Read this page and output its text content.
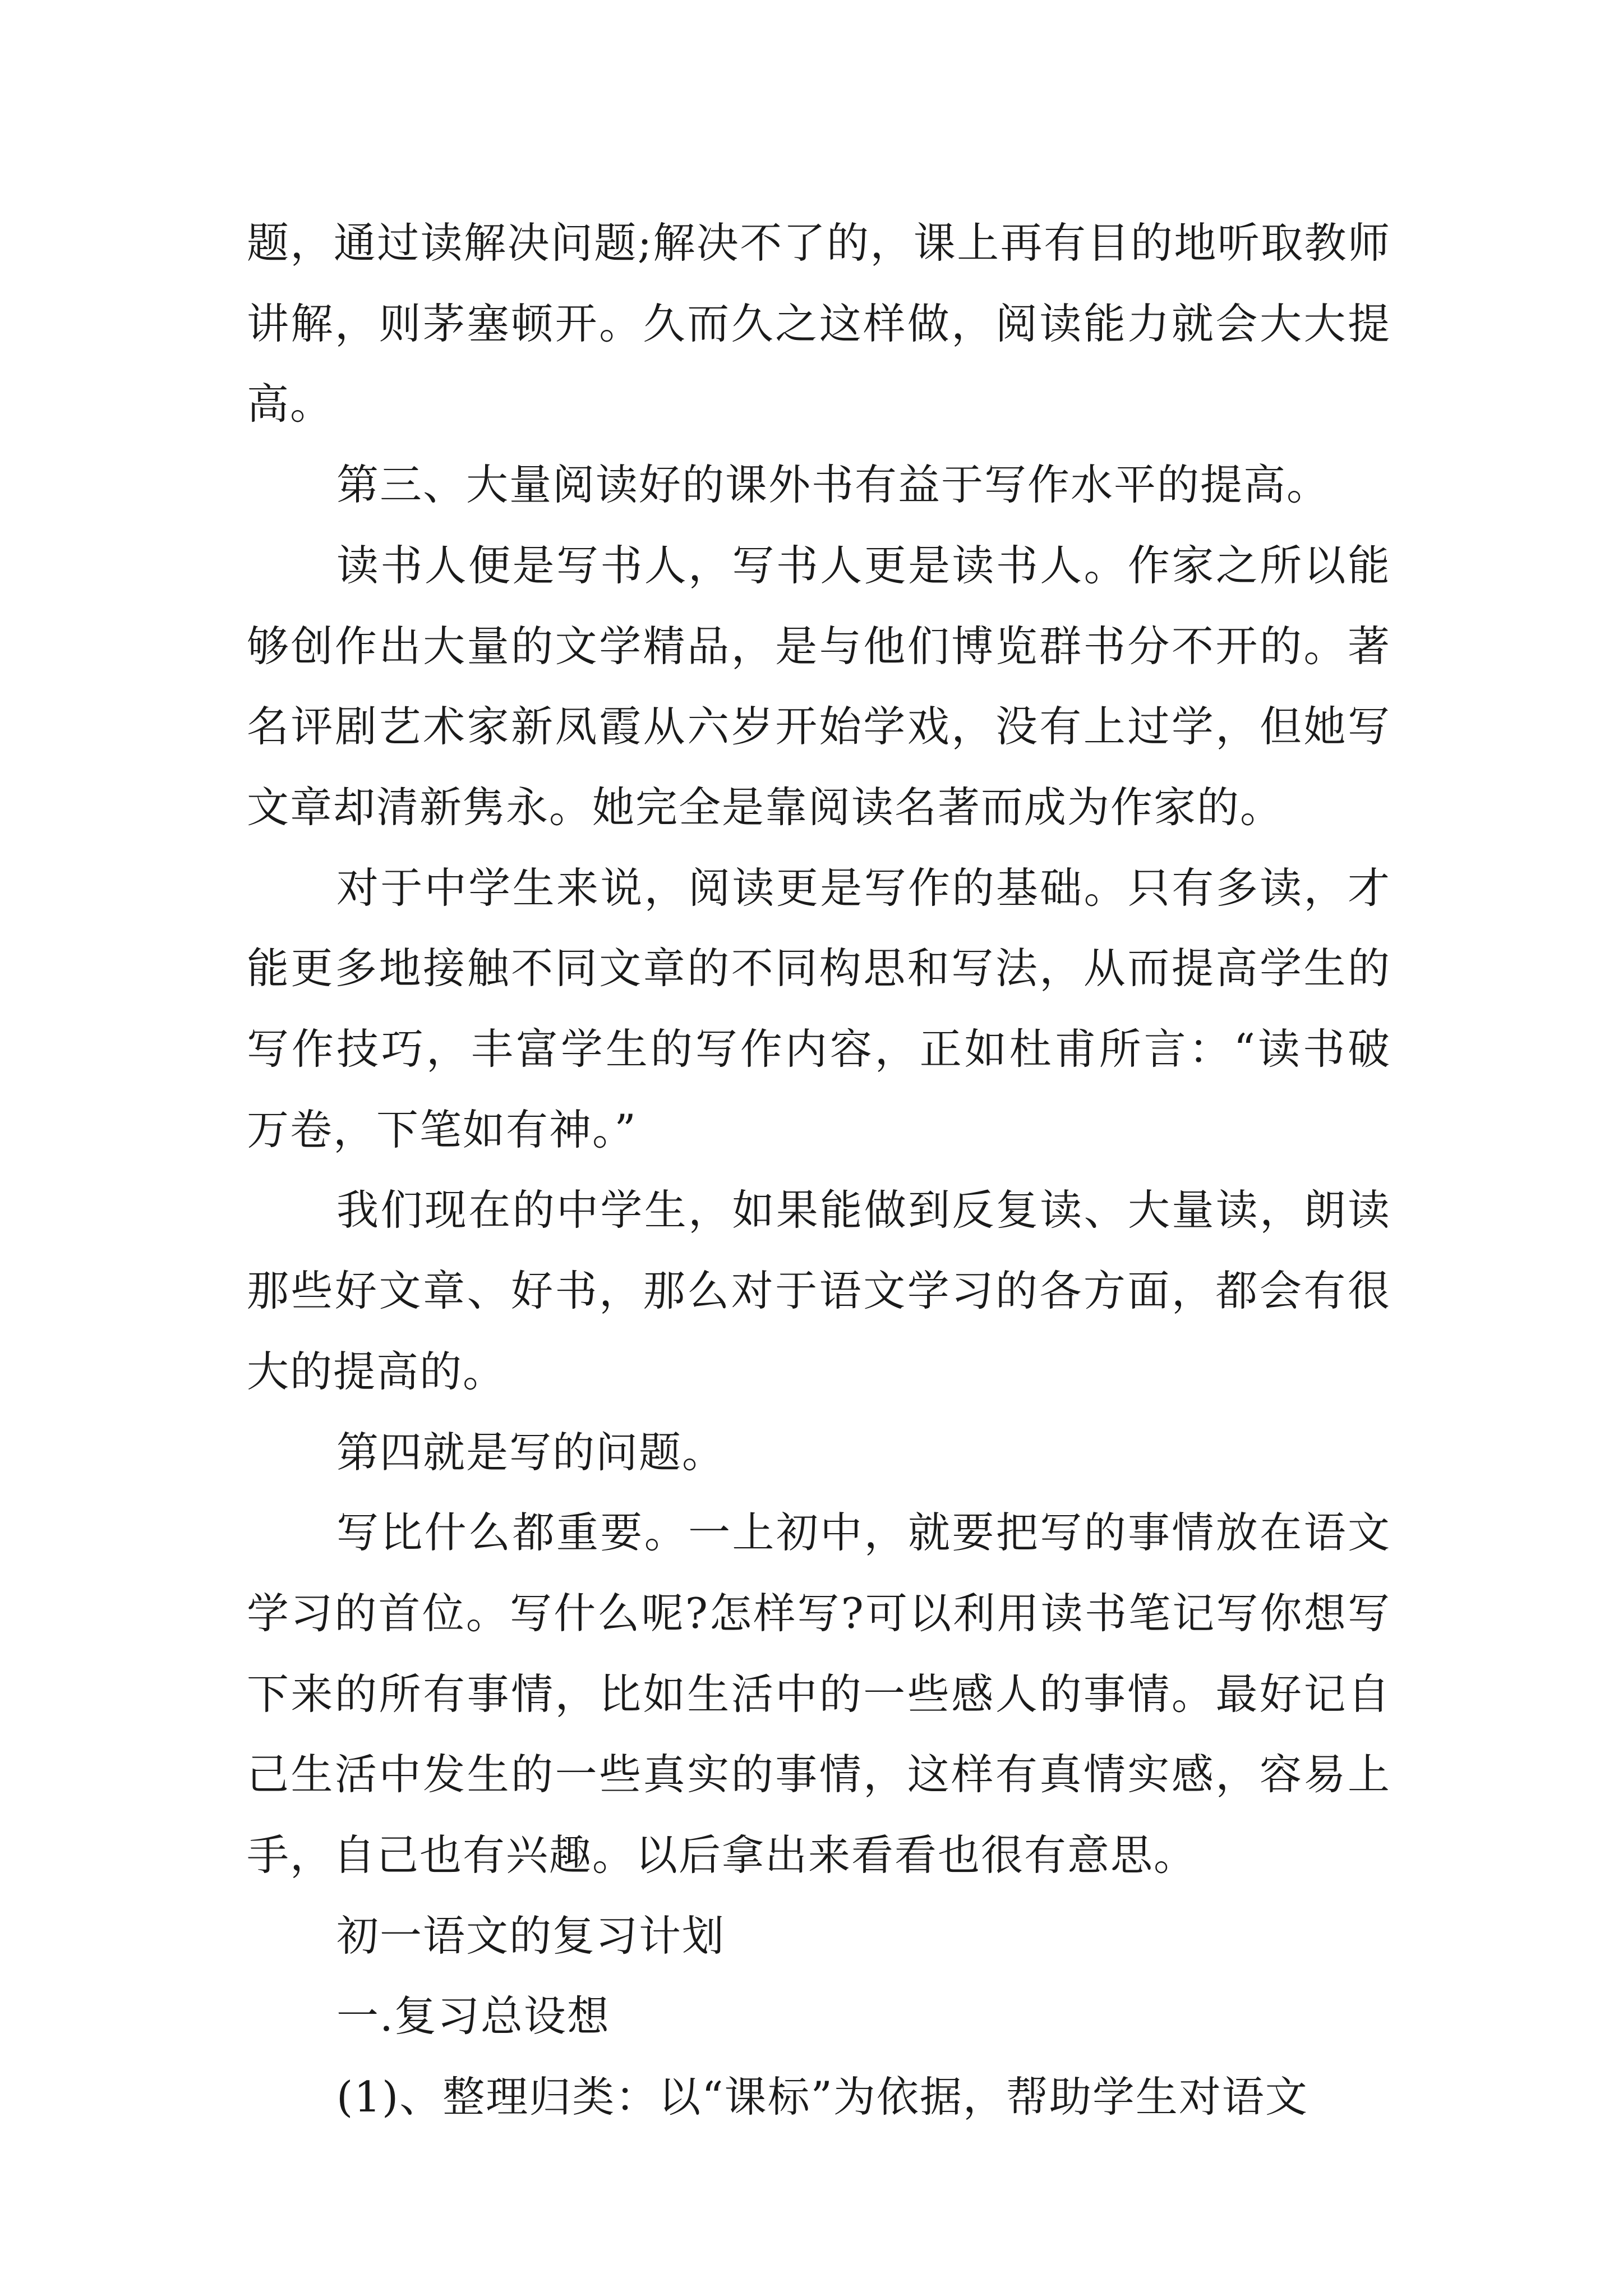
题，通过读解决问题;解决不了的，课上再有目的地听取教师讲解，则茅塞顿开。久而久之这样做，阅读能力就会大大提高。

第三、大量阅读好的课外书有益于写作水平的提高。

读书人便是写书人，写书人更是读书人。作家之所以能够创作出大量的文学精品，是与他们博览群书分不开的。著名评剧艺术家新凤霞从六岁开始学戏，没有上过学，但她写文章却清新隽永。她完全是靠阅读名著而成为作家的。

对于中学生来说，阅读更是写作的基础。只有多读，才能更多地接触不同文章的不同构思和写法，从而提高学生的写作技巧，丰富学生的写作内容，正如杜甫所言：“读书破万卷，下笔如有神。”

我们现在的中学生，如果能做到反复读、大量读，朗读那些好文章、好书，那么对于语文学习的各方面，都会有很大的提高的。

第四就是写的问题。

写比什么都重要。一上初中，就要把写的事情放在语文学习的首位。写什么呢?怎样写?可以利用读书笔记写你想写下来的所有事情，比如生活中的一些感人的事情。最好记自己生活中发生的一些真实的事情，这样有真情实感，容易上手，自己也有兴趣。以后拿出来看看也很有意思。

初一语文的复习计划

一.复习总设想

(1)、整理归类：以“课标”为依据，帮助学生对语文
